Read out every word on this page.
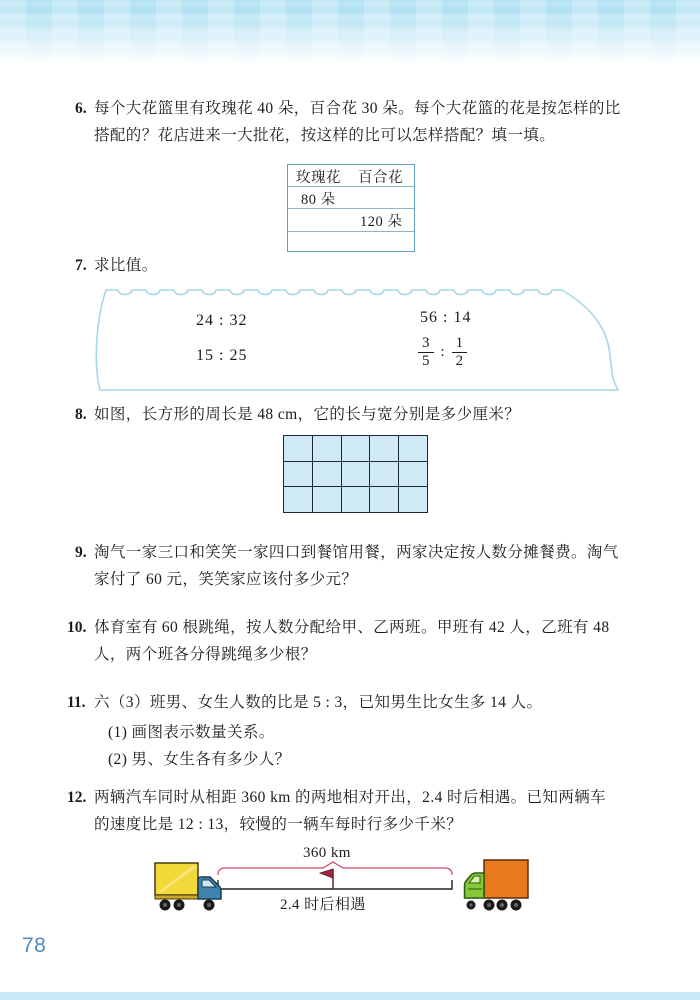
6. 每个大花篮里有玫瑰花 40 朵，百合花 30 朵。每个大花篮的花是按怎样的比
搭配的？花店进来一大批花，按这样的比可以怎样搭配？填一填。
玫瑰花 百合花
80 朵
120 朵
7. 求比值。
24 : 32	56 : 14
15 : 25	$\frac{3}{5}$ : $\frac{1}{2}$
8. 如图，长方形的周长是 48 cm，它的长与宽分别是多少厘米？
9. 淘气一家三口和笑笑一家四口到餐馆用餐，两家决定按人数分摊餐费。淘气
家付了 60 元，笑笑家应该付多少元？
10. 体育室有 60 根跳绳，按人数分配给甲、乙两班。甲班有 42 人，乙班有 48
人，两个班各分得跳绳多少根？
11. 六（3）班男、女生人数的比是 5 : 3，已知男生比女生多 14 人。
(1) 画图表示数量关系。
(2) 男、女生各有多少人？
12. 两辆汽车同时从相距 360 km 的两地相对开出，2.4 时后相遇。已知两辆车
的速度比是 12 : 13，较慢的一辆车每时行多少千米？
360 km
2.4 时后相遇
78
